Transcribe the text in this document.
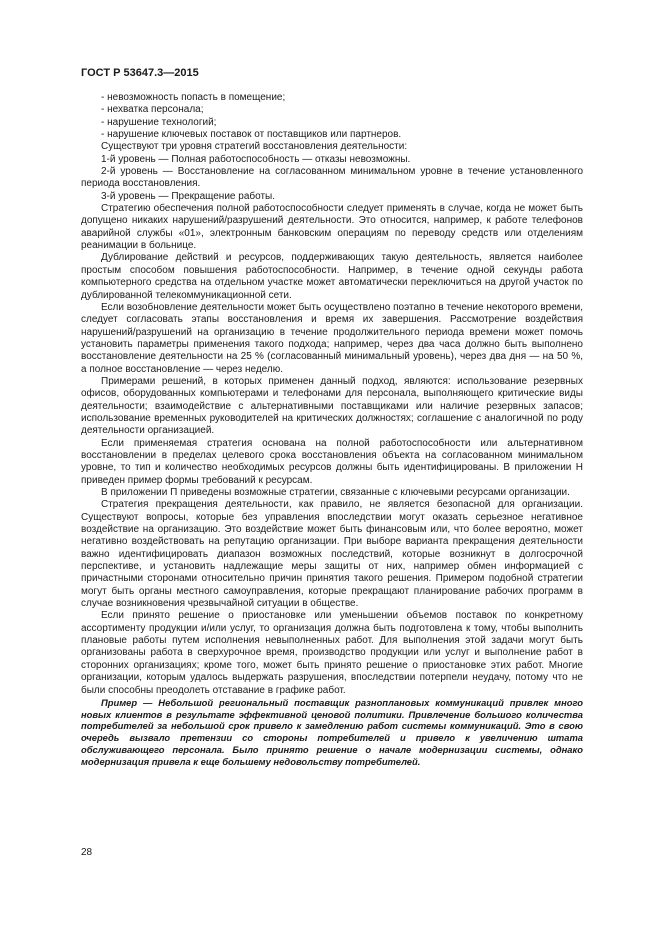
ГОСТ Р 53647.3—2015

- невозможность попасть в помещение;

- нехватка персонала;

- нарушение технологий;

- нарушение ключевых поставок от поставщиков или партнеров.

Существуют три уровня стратегий восстановления деятельности:

1-й уровень — Полная работоспособность — отказы невозможны.

2-й уровень — Восстановление на согласованном минимальном уровне в течение установленного периода восстановления.

3-й уровень — Прекращение работы.

Стратегию обеспечения полной работоспособности следует применять в случае, когда не может быть допущено никаких нарушений/разрушений деятельности. Это относится, например, к работе телефонов аварийной службы «01», электронным банковским операциям по переводу средств или отделениям реанимации в больнице.

Дублирование действий и ресурсов, поддерживающих такую деятельность, является наиболее простым способом повышения работоспособности. Например, в течение одной секунды работа компьютерного средства на отдельном участке может автоматически переключиться на другой участок по дублированной телекоммуникационной сети.

Если возобновление деятельности может быть осуществлено поэтапно в течение некоторого времени, следует согласовать этапы восстановления и время их завершения. Рассмотрение воздействия нарушений/разрушений на организацию в течение продолжительного периода времени может помочь установить параметры применения такого подхода; например, через два часа должно быть выполнено восстановление деятельности на 25 % (согласованный минимальный уровень), через два дня — на 50 %, а полное восстановление — через неделю.

Примерами решений, в которых применен данный подход, являются: использование резервных офисов, оборудованных компьютерами и телефонами для персонала, выполняющего критические виды деятельности; взаимодействие с альтернативными поставщиками или наличие резервных запасов; использование временных руководителей на критических должностях; соглашение с аналогичной по роду деятельности организацией.

Если применяемая стратегия основана на полной работоспособности или альтернативном восстановлении в пределах целевого срока восстановления объекта на согласованном минимальном уровне, то тип и количество необходимых ресурсов должны быть идентифицированы. В приложении Н приведен пример формы требований к ресурсам.

В приложении П приведены возможные стратегии, связанные с ключевыми ресурсами организации.

Стратегия прекращения деятельности, как правило, не является безопасной для организации. Существуют вопросы, которые без управления впоследствии могут оказать серьезное негативное воздействие на организацию. Это воздействие может быть финансовым или, что более вероятно, может негативно воздействовать на репутацию организации. При выборе варианта прекращения деятельности важно идентифицировать диапазон возможных последствий, которые возникнут в долгосрочной перспективе, и установить надлежащие меры защиты от них, например обмен информацией с причастными сторонами относительно причин принятия такого решения. Примером подобной стратегии могут быть органы местного самоуправления, которые прекращают планирование рабочих программ в случае возникновения чрезвычайной ситуации в обществе.

Если принято решение о приостановке или уменьшении объемов поставок по конкретному ассортименту продукции и/или услуг, то организация должна быть подготовлена к тому, чтобы выполнить плановые работы путем исполнения невыполненных работ. Для выполнения этой задачи могут быть организованы работа в сверхурочное время, производство продукции или услуг и выполнение работ в сторонних организациях; кроме того, может быть принято решение о приостановке этих работ. Многие организации, которым удалось выдержать разрушения, впоследствии потерпели неудачу, потому что не были способны преодолеть отставание в графике работ.

Пример — Небольшой региональный поставщик разноплановых коммуникаций привлек много новых клиентов в результате эффективной ценовой политики. Привлечение большого количества потребителей за небольшой срок привело к замедлению работ системы коммуникаций. Это в свою очередь вызвало претензии со стороны потребителей и привело к увеличению штата обслуживающего персонала. Было принято решение о начале модернизации системы, однако модернизация привела к еще большему недовольству потребителей.

28
